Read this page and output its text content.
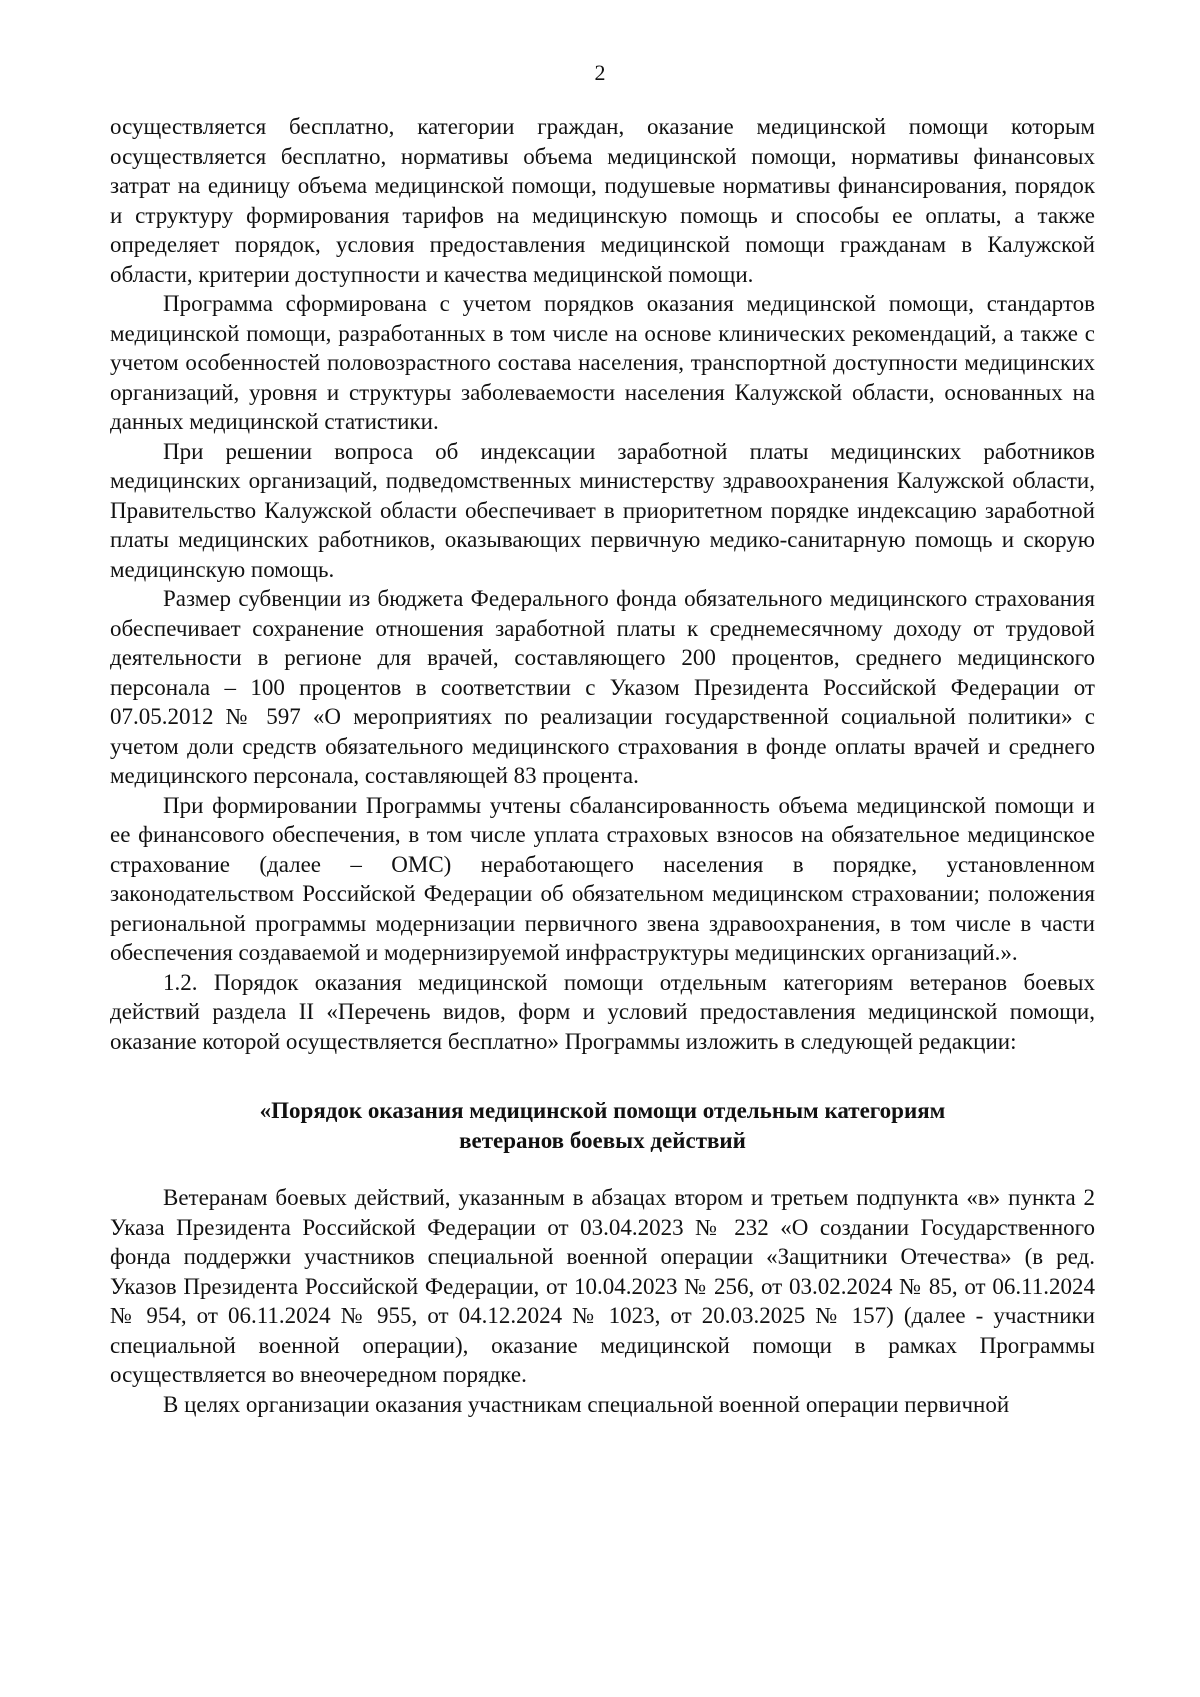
2

осуществляется бесплатно, категории граждан, оказание медицинской помощи которым осуществляется бесплатно, нормативы объема медицинской помощи, нормативы финансовых затрат на единицу объема медицинской помощи, подушевые нормативы финансирования, порядок и структуру формирования тарифов на медицинскую помощь и способы ее оплаты, а также определяет порядок, условия предоставления медицинской помощи гражданам в Калужской области, критерии доступности и качества медицинской помощи.

Программа сформирована с учетом порядков оказания медицинской помощи, стандартов медицинской помощи, разработанных в том числе на основе клинических рекомендаций, а также с учетом особенностей половозрастного состава населения, транспортной доступности медицинских организаций, уровня и структуры заболеваемости населения Калужской области, основанных на данных медицинской статистики.

При решении вопроса об индексации заработной платы медицинских работников медицинских организаций, подведомственных министерству здравоохранения Калужской области, Правительство Калужской области обеспечивает в приоритетном порядке индексацию заработной платы медицинских работников, оказывающих первичную медико-санитарную помощь и скорую медицинскую помощь.

Размер субвенции из бюджета Федерального фонда обязательного медицинского страхования обеспечивает сохранение отношения заработной платы к среднемесячному доходу от трудовой деятельности в регионе для врачей, составляющего 200 процентов, среднего медицинского персонала – 100 процентов в соответствии с Указом Президента Российской Федерации от 07.05.2012 № 597 «О мероприятиях по реализации государственной социальной политики» с учетом доли средств обязательного медицинского страхования в фонде оплаты врачей и среднего медицинского персонала, составляющей 83 процента.

При формировании Программы учтены сбалансированность объема медицинской помощи и ее финансового обеспечения, в том числе уплата страховых взносов на обязательное медицинское страхование (далее – ОМС) неработающего населения в порядке, установленном законодательством Российской Федерации об обязательном медицинском страховании; положения региональной программы модернизации первичного звена здравоохранения, в том числе в части обеспечения создаваемой и модернизируемой инфраструктуры медицинских организаций.».

1.2. Порядок оказания медицинской помощи отдельным категориям ветеранов боевых действий раздела II «Перечень видов, форм и условий предоставления медицинской помощи, оказание которой осуществляется бесплатно» Программы изложить в следующей редакции:

«Порядок оказания медицинской помощи отдельным категориям
ветеранов боевых действий

Ветеранам боевых действий, указанным в абзацах втором и третьем подпункта «в» пункта 2 Указа Президента Российской Федерации от 03.04.2023 № 232 «О создании Государственного фонда поддержки участников специальной военной операции «Защитники Отечества» (в ред. Указов Президента Российской Федерации, от 10.04.2023 № 256, от 03.02.2024 № 85, от 06.11.2024 № 954, от 06.11.2024 № 955, от 04.12.2024 № 1023, от 20.03.2025 № 157) (далее - участники специальной военной операции), оказание медицинской помощи в рамках Программы осуществляется во внеочередном порядке.

В целях организации оказания участникам специальной военной операции первичной
